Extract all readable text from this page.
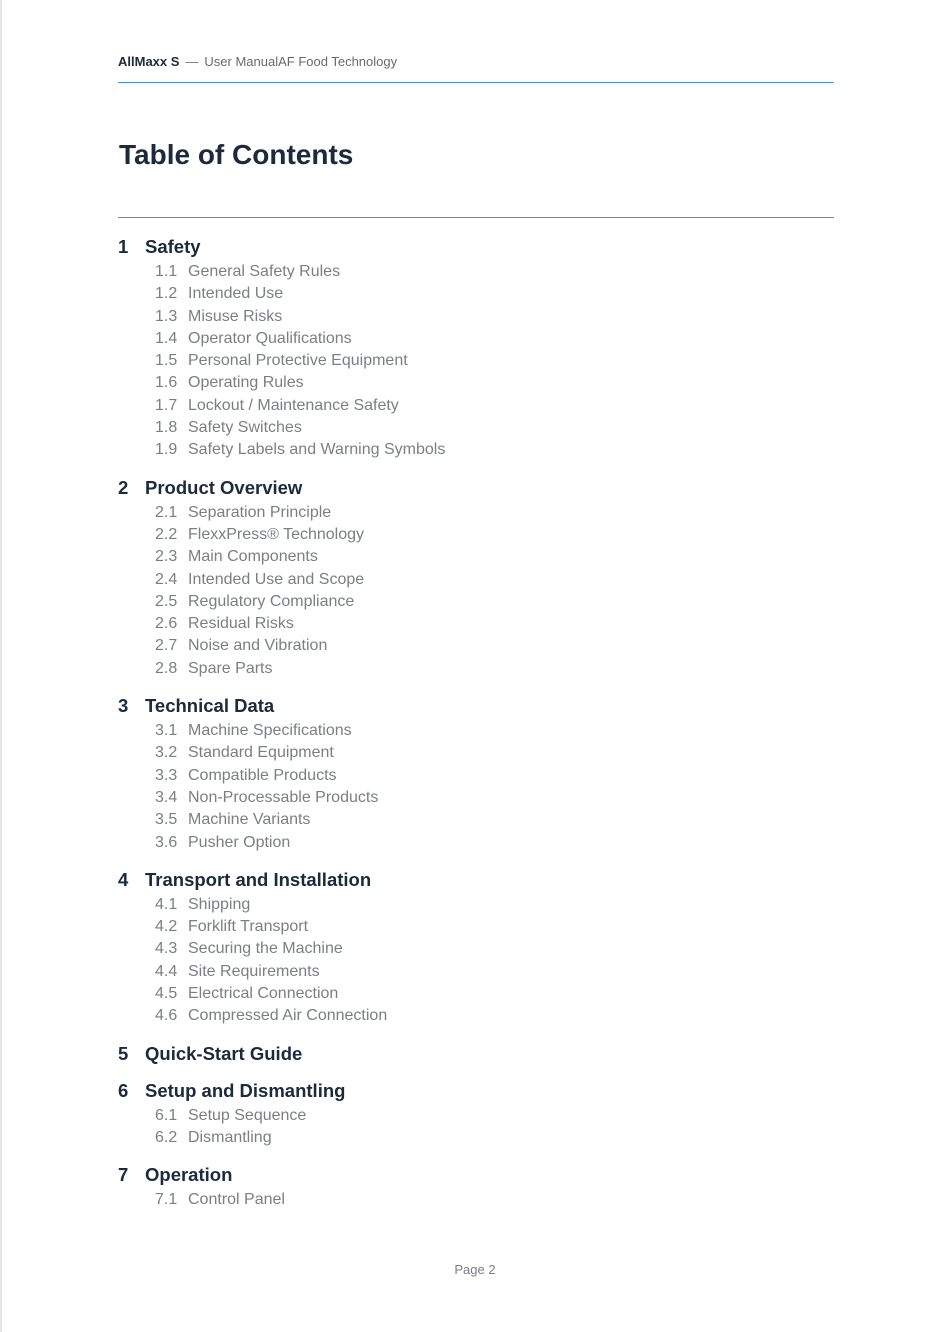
AllMaxx S — User ManualAF Food Technology
Table of Contents
1 Safety
1.1 General Safety Rules
1.2 Intended Use
1.3 Misuse Risks
1.4 Operator Qualifications
1.5 Personal Protective Equipment
1.6 Operating Rules
1.7 Lockout / Maintenance Safety
1.8 Safety Switches
1.9 Safety Labels and Warning Symbols
2 Product Overview
2.1 Separation Principle
2.2 FlexxPress® Technology
2.3 Main Components
2.4 Intended Use and Scope
2.5 Regulatory Compliance
2.6 Residual Risks
2.7 Noise and Vibration
2.8 Spare Parts
3 Technical Data
3.1 Machine Specifications
3.2 Standard Equipment
3.3 Compatible Products
3.4 Non-Processable Products
3.5 Machine Variants
3.6 Pusher Option
4 Transport and Installation
4.1 Shipping
4.2 Forklift Transport
4.3 Securing the Machine
4.4 Site Requirements
4.5 Electrical Connection
4.6 Compressed Air Connection
5 Quick-Start Guide
6 Setup and Dismantling
6.1 Setup Sequence
6.2 Dismantling
7 Operation
7.1 Control Panel
Page 2
